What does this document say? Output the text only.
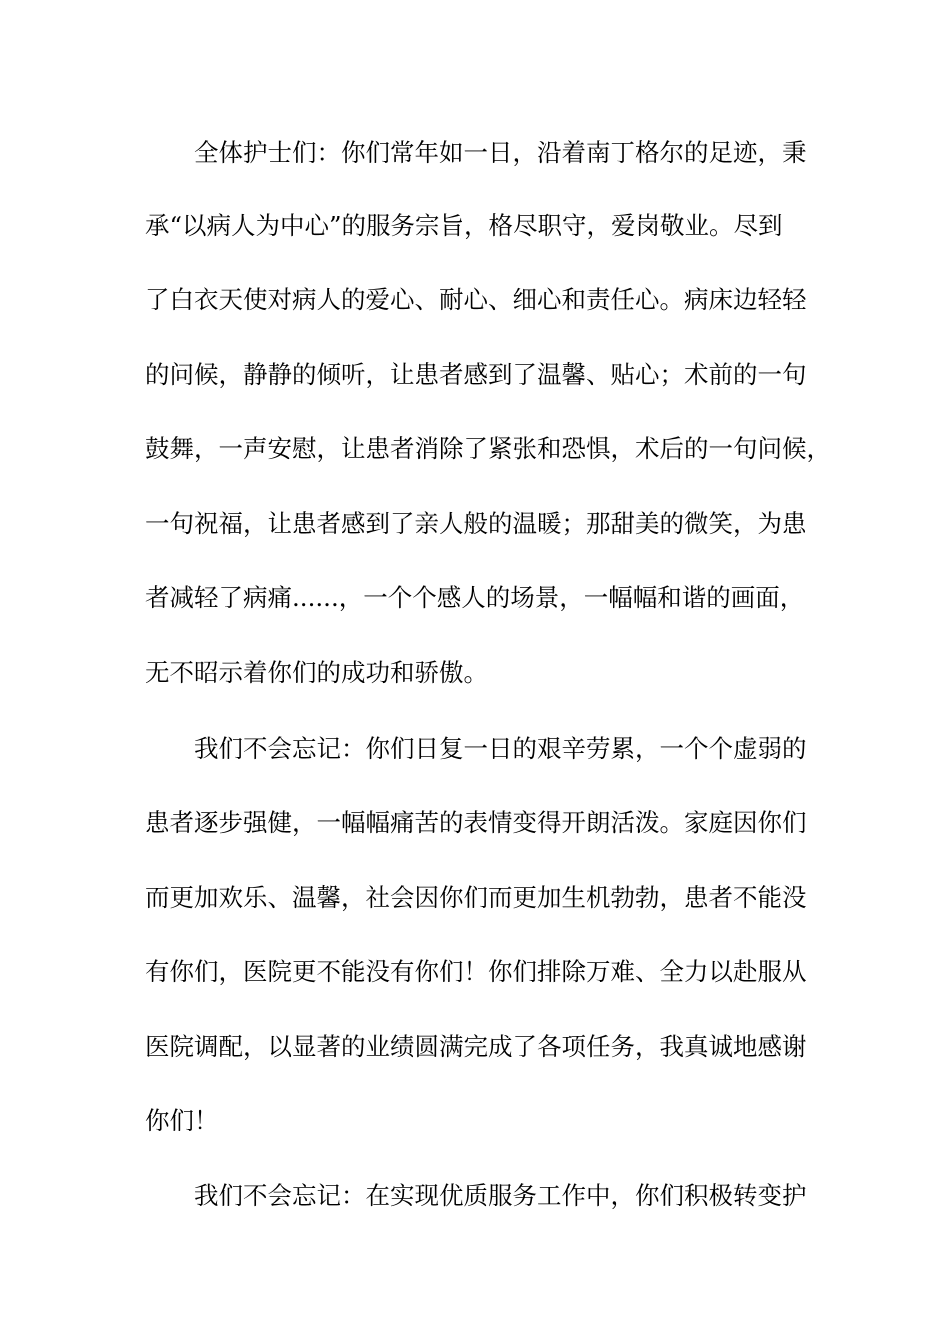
全体护士们：你们常年如一日，沿着南丁格尔的足迹，秉
承“以病人为中心”的服务宗旨，格尽职守，爱岗敬业。尽到
了白衣天使对病人的爱心、耐心、细心和责任心。病床边轻轻
的问候，静静的倾听，让患者感到了温馨、贴心；术前的一句
鼓舞，一声安慰，让患者消除了紧张和恐惧，术后的一句问候，
一句祝福，让患者感到了亲人般的温暖；那甜美的微笑，为患
者减轻了病痛......，一个个感人的场景，一幅幅和谐的画面，
无不昭示着你们的成功和骄傲。
我们不会忘记：你们日复一日的艰辛劳累，一个个虚弱的
患者逐步强健，一幅幅痛苦的表情变得开朗活泼。家庭因你们
而更加欢乐、温馨，社会因你们而更加生机勃勃，患者不能没
有你们，医院更不能没有你们！你们排除万难、全力以赴服从
医院调配，以显著的业绩圆满完成了各项任务，我真诚地感谢
你们！
我们不会忘记：在实现优质服务工作中，你们积极转变护
